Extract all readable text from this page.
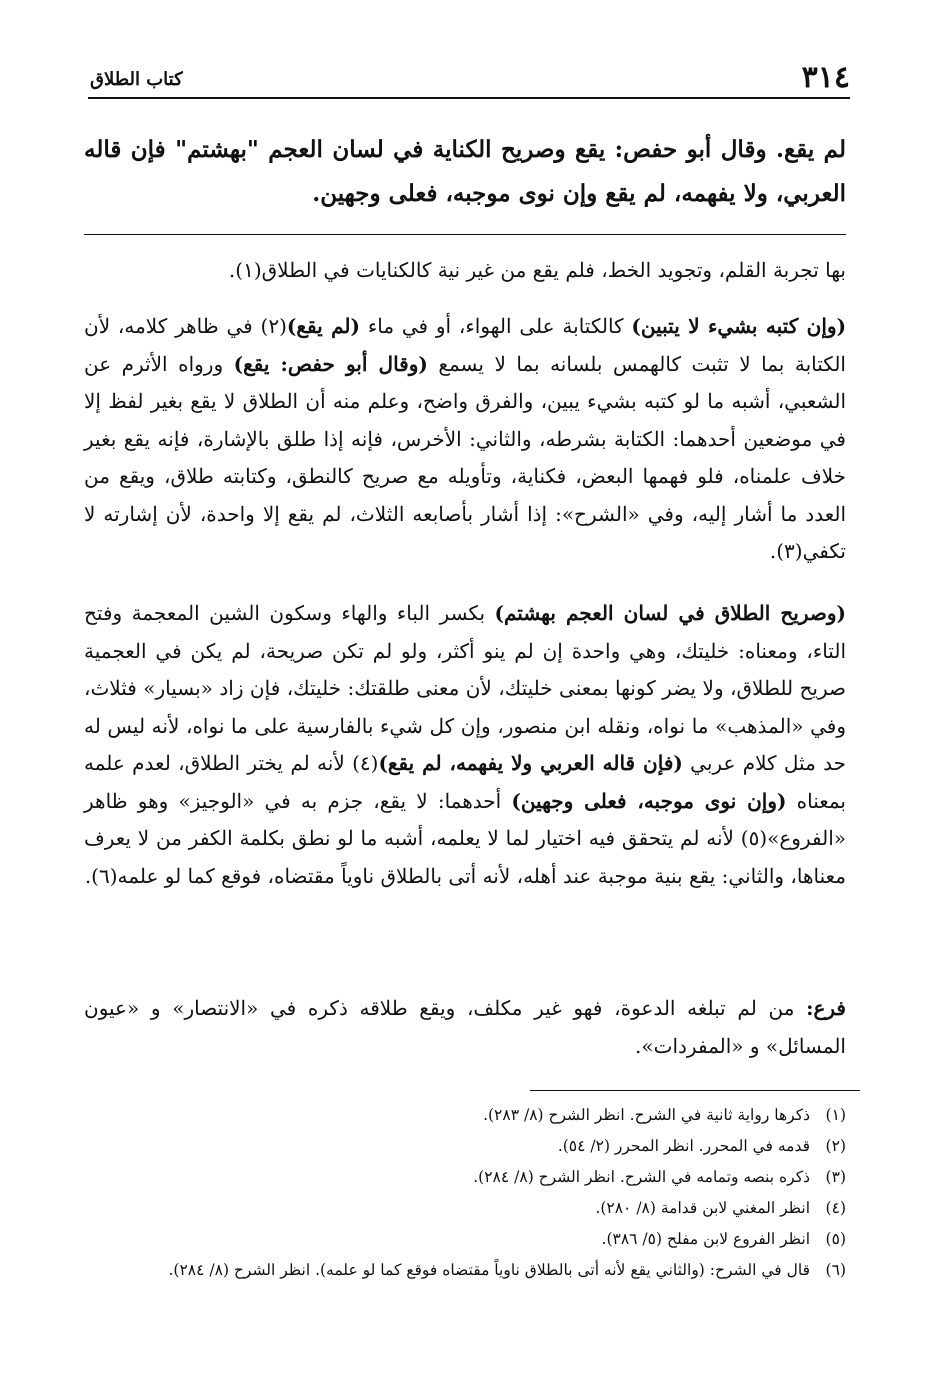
٣١٤
كتاب الطلاق
لم يقع. وقال أبو حفص: يقع وصريح الكناية في لسان العجم "بهشتم" فإن قاله العربي، ولا يفهمه، لم يقع وإن نوى موجبه، فعلى وجهين.
بها تجربة القلم، وتجويد الخط، فلم يقع من غير نية كالكنايات في الطلاق(١).
(وإن كتبه بشيء لا يتبين) كالكتابة على الهواء، أو في ماء (لم يقع)(٢) في ظاهر كلامه، لأن الكتابة بما لا تثبت كالهمس بلسانه بما لا يسمع (وقال أبو حفص: يقع) ورواه الأثرم عن الشعبي، أشبه ما لو كتبه بشيء يبين، والفرق واضح، وعلم منه أن الطلاق لا يقع بغير لفظ إلا في موضعين أحدهما: الكتابة بشرطه، والثاني: الأخرس، فإنه إذا طلق بالإشارة، فإنه يقع بغير خلاف علمناه، فلو فهمها البعض، فكناية، وتأويله مع صريح كالنطق، وكتابته طلاق، ويقع من العدد ما أشار إليه، وفي «الشرح»: إذا أشار بأصابعه الثلاث، لم يقع إلا واحدة، لأن إشارته لا تكفي(٣).
(وصريح الطلاق في لسان العجم بهشتم) بكسر الباء والهاء وسكون الشين المعجمة وفتح التاء، ومعناه: خليتك، وهي واحدة إن لم ينو أكثر، ولو لم تكن صريحة، لم يكن في العجمية صريح للطلاق، ولا يضر كونها بمعنى خليتك، لأن معنى طلقتك: خليتك، فإن زاد «بسيار» فثلاث، وفي «المذهب» ما نواه، ونقله ابن منصور، وإن كل شيء بالفارسية على ما نواه، لأنه ليس له حد مثل كلام عربي (فإن قاله العربي ولا يفهمه، لم يقع)(٤) لأنه لم يختر الطلاق، لعدم علمه بمعناه (وإن نوى موجبه، فعلى وجهين) أحدهما: لا يقع، جزم به في «الوجيز» وهو ظاهر «الفروع»(٥) لأنه لم يتحقق فيه اختيار لما لا يعلمه، أشبه ما لو نطق بكلمة الكفر من لا يعرف معناها، والثاني: يقع بنية موجبة عند أهله، لأنه أتى بالطلاق ناوياً مقتضاه، فوقع كما لو علمه(٦).
فرع: من لم تبلغه الدعوة، فهو غير مكلف، ويقع طلاقه ذكره في «الانتصار» و «عيون المسائل» و «المفردات».
(١)
ذكرها رواية ثانية في الشرح. انظر الشرح (٨/ ٢٨٣).
(٢)
قدمه في المحرر. انظر المحرر (٢/ ٥٤).
(٣)
ذكره بنصه وتمامه في الشرح. انظر الشرح (٨/ ٢٨٤).
(٤)
انظر المغني لابن قدامة (٨/ ٢٨٠).
(٥)
انظر الفروع لابن مفلح (٥/ ٣٨٦).
(٦)
قال في الشرح: (والثاني يقع لأنه أتى بالطلاق ناوياً مقتضاه فوقع كما لو علمه). انظر الشرح (٨/ ٢٨٤).
